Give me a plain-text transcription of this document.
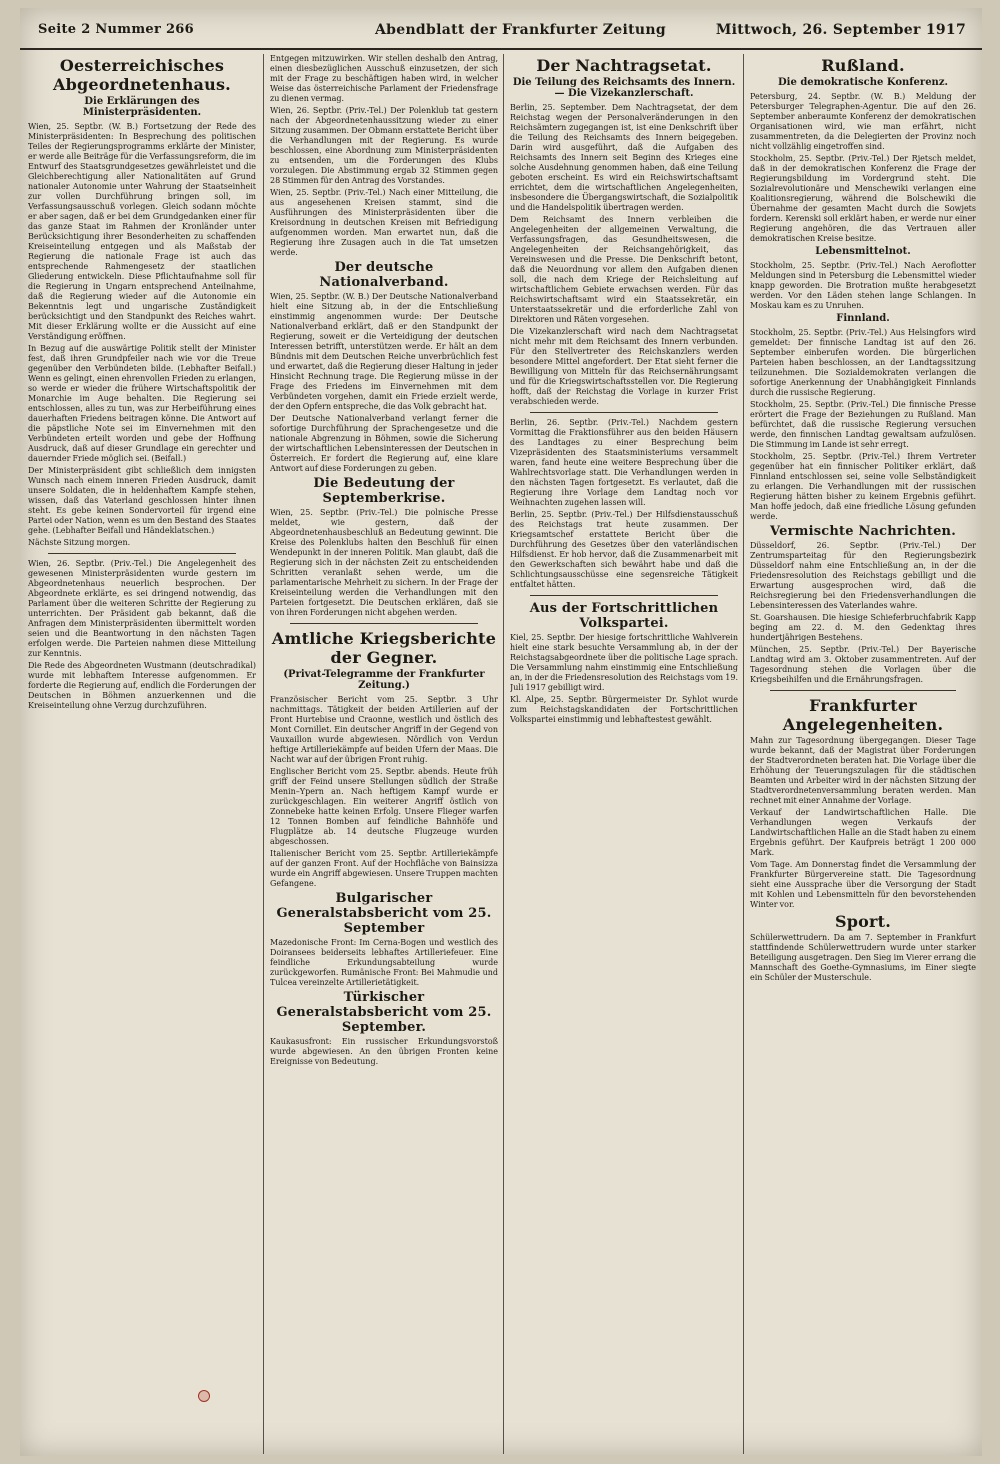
Seite 2 Nummer 266	Abendblatt der Frankfurter Zeitung	Mittwoch, 26. September 1917
Oesterreichisches Abgeordnetenhaus.
Die Erklärungen des Ministerpräsidenten.

Wien, 25. Septbr. (W. B.) Fortsetzung der Rede des Ministerpräsidenten: In Besprechung des politischen Teiles der Regierungsprogramms erklärte der Minister, er werde alle Beiträge für die Verfassungsreform, die im Entwurf des Staatsgrundgesetzes gewährleistet und die Gleichberechtigung aller Nationalitäten auf Grund nationaler Autonomie unter Wahrung der Staatseinheit zur vollen Durchführung bringen soll, im Verfassungsausschuß vorlegen. Gleich sodann möchte er aber sagen, daß er bei dem Grundgedanken einer für das ganze Staat im Rahmen der Kronländer unter Berücksichtigung ihrer Besonderheiten zu schaffenden Kreiseinteilung entgegen und als Maßstab der Regierung die nationale Frage ist auch das entsprechende Rahmengesetz der staatlichen Gliederung entwickeln. Diese Pflichtaufnahme soll für die Regierung in Ungarn entsprechend Anteilnahme, daß die Regierung wieder auf die Autonomie ein Bekenntnis legt und ungarische Zuständigkeit berücksichtigt und den Standpunkt des Reiches wahrt. Mit dieser Erklärung wollte er die Aussicht auf eine Verständigung eröffnen.

In Bezug auf die auswärtige Politik stellt der Minister fest, daß ihren Grundpfeiler nach wie vor die Treue gegenüber den Verbündeten bilde. (Lebhafter Beifall.) Wenn es gelingt, einen ehrenvollen Frieden zu erlangen, so werde er wieder die frühere Wirtschaftspolitik der Monarchie im Auge behalten. Die Regierung sei entschlossen, alles zu tun, was zur Herbeiführung eines dauerhaften Friedens beitragen könne. Die Antwort auf die päpstliche Note sei im Einvernehmen mit den Verbündeten erteilt worden und gebe der Hoffnung Ausdruck, daß auf dieser Grundlage ein gerechter und dauernder Friede möglich sei. (Beifall.)

Der Ministerpräsident gibt schließlich dem innigsten Wunsch nach einem inneren Frieden Ausdruck, damit unsere Soldaten, die in heldenhaftem Kampfe stehen, wissen, daß das Vaterland geschlossen hinter ihnen steht. Es gebe keinen Sondervorteil für irgend eine Partei oder Nation, wenn es um den Bestand des Staates gehe. (Lebhafter Beifall und Händeklatschen.)

Nächste Sitzung morgen.

Wien, 26. Septbr. (Priv.-Tel.) Die Angelegenheit des gewesenen Ministerpräsidenten wurde gestern im Abgeordnetenhaus neuerlich besprochen. Der Abgeordnete erklärte, es sei dringend notwendig, das Parlament über die weiteren Schritte der Regierung zu unterrichten. Der Präsident gab bekannt, daß die Anfragen dem Ministerpräsidenten übermittelt worden seien und die Beantwortung in den nächsten Tagen erfolgen werde. Die Parteien nahmen diese Mitteilung zur Kenntnis.

Die Rede des Abgeordneten Wustmann (deutschradikal) wurde mit lebhaftem Interesse aufgenommen. Er forderte die Regierung auf, endlich die Forderungen der Deutschen in Böhmen anzuerkennen und die Kreiseinteilung ohne Verzug durchzuführen.

Entgegen mitzuwirken. Wir stellen deshalb den Antrag, einen diesbezüglichen Ausschuß einzusetzen, der sich mit der Frage zu beschäftigen haben wird, in welcher Weise das österreichische Parlament der Friedensfrage zu dienen vermag.

Wien, 26. Septbr. (Priv.-Tel.) Der Polenklub tat gestern nach der Abgeordnetenhaussitzung wieder zu einer Sitzung zusammen. Der Obmann erstattete Bericht über die Verhandlungen mit der Regierung. Es wurde beschlossen, eine Abordnung zum Ministerpräsidenten zu entsenden, um die Forderungen des Klubs vorzulegen. Die Abstimmung ergab 32 Stimmen gegen 28 Stimmen für den Antrag des Vorstandes.

Wien, 25. Septbr. (Priv.-Tel.) Nach einer Mitteilung, die aus angesehenen Kreisen stammt, sind die Ausführungen des Ministerpräsidenten über die Kreisordnung in deutschen Kreisen mit Befriedigung aufgenommen worden. Man erwartet nun, daß die Regierung ihre Zusagen auch in die Tat umsetzen werde.

Der deutsche Nationalverband.

Wien, 25. Septbr. (W. B.) Der Deutsche Nationalverband hielt eine Sitzung ab, in der die Entschließung einstimmig angenommen wurde: Der Deutsche Nationalverband erklärt, daß er den Standpunkt der Regierung, soweit er die Verteidigung der deutschen Interessen betrifft, unterstützen werde. Er hält an dem Bündnis mit dem Deutschen Reiche unverbrüchlich fest und erwartet, daß die Regierung dieser Haltung in jeder Hinsicht Rechnung trage. Die Regierung müsse in der Frage des Friedens im Einvernehmen mit dem Verbündeten vorgehen, damit ein Friede erzielt werde, der den Opfern entspreche, die das Volk gebracht hat.

Der Deutsche Nationalverband verlangt ferner die sofortige Durchführung der Sprachengesetze und die nationale Abgrenzung in Böhmen, sowie die Sicherung der wirtschaftlichen Lebensinteressen der Deutschen in Österreich. Er fordert die Regierung auf, eine klare Antwort auf diese Forderungen zu geben.

Die Bedeutung der Septemberkrise.

Wien, 25. Septbr. (Priv.-Tel.) Die polnische Presse meldet, wie gestern, daß der Abgeordnetenhausbeschluß an Bedeutung gewinnt. Die Kreise des Polenklubs halten den Beschluß für einen Wendepunkt in der inneren Politik. Man glaubt, daß die Regierung sich in der nächsten Zeit zu entscheidenden Schritten veranlaßt sehen werde, um die parlamentarische Mehrheit zu sichern. In der Frage der Kreiseinteilung werden die Verhandlungen mit den Parteien fortgesetzt. Die Deutschen erklären, daß sie von ihren Forderungen nicht abgehen werden.

Amtliche Kriegsberichte der Gegner.
(Privat-Telegramme der Frankfurter Zeitung.)

Französischer Bericht vom 25. Septbr. 3 Uhr nachmittags. Tätigkeit der beiden Artillerien auf der Front Hurtebise und Craonne, westlich und östlich des Mont Cornillet. Ein deutscher Angriff in der Gegend von Vauxaillon wurde abgewiesen. Nördlich von Verdun heftige Artilleriekämpfe auf beiden Ufern der Maas. Die Nacht war auf der übrigen Front ruhig.

Englischer Bericht vom 25. Septbr. abends. Heute früh griff der Feind unsere Stellungen südlich der Straße Menin–Ypern an. Nach heftigem Kampf wurde er zurückgeschlagen. Ein weiterer Angriff östlich von Zonnebeke hatte keinen Erfolg. Unsere Flieger warfen 12 Tonnen Bomben auf feindliche Bahnhöfe und Flugplätze ab. 14 deutsche Flugzeuge wurden abgeschossen.

Italienischer Bericht vom 25. Septbr. Artilleriekämpfe auf der ganzen Front. Auf der Hochfläche von Bainsizza wurde ein Angriff abgewiesen. Unsere Truppen machten Gefangene.

Bulgarischer Generalstabsbericht vom 25. September

Mazedonische Front: Im Cerna-Bogen und westlich des Doiransees beiderseits lebhaftes Artilleriefeuer. Eine feindliche Erkundungsabteilung wurde zurückgeworfen. Rumänische Front: Bei Mahmudie und Tulcea vereinzelte Artillerietätigkeit.

Türkischer Generalstabsbericht vom 25. September.

Kaukasusfront: Ein russischer Erkundungsvorstoß wurde abgewiesen. An den übrigen Fronten keine Ereignisse von Bedeutung.

Der Nachtragsetat.
Die Teilung des Reichsamts des Innern. — Die Vizekanzlerschaft.

Berlin, 25. September. Dem Nachtragsetat, der dem Reichstag wegen der Personalveränderungen in den Reichsämtern zugegangen ist, ist eine Denkschrift über die Teilung des Reichsamts des Innern beigegeben. Darin wird ausgeführt, daß die Aufgaben des Reichsamts des Innern seit Beginn des Krieges eine solche Ausdehnung genommen haben, daß eine Teilung geboten erscheint. Es wird ein Reichswirtschaftsamt errichtet, dem die wirtschaftlichen Angelegenheiten, insbesondere die Übergangswirtschaft, die Sozialpolitik und die Handelspolitik übertragen werden.

Dem Reichsamt des Innern verbleiben die Angelegenheiten der allgemeinen Verwaltung, die Verfassungsfragen, das Gesundheitswesen, die Angelegenheiten der Reichsangehörigkeit, das Vereinswesen und die Presse. Die Denkschrift betont, daß die Neuordnung vor allem den Aufgaben dienen soll, die nach dem Kriege der Reichsleitung auf wirtschaftlichem Gebiete erwachsen werden. Für das Reichswirtschaftsamt wird ein Staatssekretär, ein Unterstaatssekretär und die erforderliche Zahl von Direktoren und Räten vorgesehen.

Die Vizekanzlerschaft wird nach dem Nachtragsetat nicht mehr mit dem Reichsamt des Innern verbunden. Für den Stellvertreter des Reichskanzlers werden besondere Mittel angefordert. Der Etat sieht ferner die Bewilligung von Mitteln für das Reichsernährungsamt und für die Kriegswirtschaftsstellen vor. Die Regierung hofft, daß der Reichstag die Vorlage in kurzer Frist verabschieden werde.

Berlin, 26. Septbr. (Priv.-Tel.) Nachdem gestern Vormittag die Fraktionsführer aus den beiden Häusern des Landtages zu einer Besprechung beim Vizepräsidenten des Staatsministeriums versammelt waren, fand heute eine weitere Besprechung über die Wahlrechtsvorlage statt. Die Verhandlungen werden in den nächsten Tagen fortgesetzt. Es verlautet, daß die Regierung ihre Vorlage dem Landtag noch vor Weihnachten zugehen lassen will.

Berlin, 25. Septbr. (Priv.-Tel.) Der Hilfsdienstausschuß des Reichstags trat heute zusammen. Der Kriegsamtschef erstattete Bericht über die Durchführung des Gesetzes über den vaterländischen Hilfsdienst. Er hob hervor, daß die Zusammenarbeit mit den Gewerkschaften sich bewährt habe und daß die Schlichtungsausschüsse eine segensreiche Tätigkeit entfaltet hätten.

Aus der Fortschrittlichen Volkspartei.

Kiel, 25. Septbr. Der hiesige fortschrittliche Wahlverein hielt eine stark besuchte Versammlung ab, in der der Reichstagsabgeordnete über die politische Lage sprach. Die Versammlung nahm einstimmig eine Entschließung an, in der die Friedensresolution des Reichstags vom 19. Juli 1917 gebilligt wird.

Kl. Alpe, 25. Septbr. Bürgermeister Dr. Syhlot wurde zum Reichstagskandidaten der Fortschrittlichen Volkspartei einstimmig und lebhaftestest gewählt.

Rußland.
Die demokratische Konferenz.

Petersburg, 24. Septbr. (W. B.) Meldung der Petersburger Telegraphen-Agentur. Die auf den 26. September anberaumte Konferenz der demokratischen Organisationen wird, wie man erfährt, nicht zusammentreten, da die Delegierten der Provinz noch nicht vollzählig eingetroffen sind.

Stockholm, 25. Septbr. (Priv.-Tel.) Der Rjetsch meldet, daß in der demokratischen Konferenz die Frage der Regierungsbildung im Vordergrund steht. Die Sozialrevolutionäre und Menschewiki verlangen eine Koalitionsregierung, während die Bolschewiki die Übernahme der gesamten Macht durch die Sowjets fordern. Kerenski soll erklärt haben, er werde nur einer Regierung angehören, die das Vertrauen aller demokratischen Kreise besitze.

Lebensmittelnot.

Stockholm, 25. Septbr. (Priv.-Tel.) Nach Aeroflotter Meldungen sind in Petersburg die Lebensmittel wieder knapp geworden. Die Brotration mußte herabgesetzt werden. Vor den Läden stehen lange Schlangen. In Moskau kam es zu Unruhen.

Finnland.

Stockholm, 25. Septbr. (Priv.-Tel.) Aus Helsingfors wird gemeldet: Der finnische Landtag ist auf den 26. September einberufen worden. Die bürgerlichen Parteien haben beschlossen, an der Landtagssitzung teilzunehmen. Die Sozialdemokraten verlangen die sofortige Anerkennung der Unabhängigkeit Finnlands durch die russische Regierung.

Stockholm, 25. Septbr. (Priv.-Tel.) Die finnische Presse erörtert die Frage der Beziehungen zu Rußland. Man befürchtet, daß die russische Regierung versuchen werde, den finnischen Landtag gewaltsam aufzulösen. Die Stimmung im Lande ist sehr erregt.

Stockholm, 25. Septbr. (Priv.-Tel.) Ihrem Vertreter gegenüber hat ein finnischer Politiker erklärt, daß Finnland entschlossen sei, seine volle Selbständigkeit zu erlangen. Die Verhandlungen mit der russischen Regierung hätten bisher zu keinem Ergebnis geführt. Man hoffe jedoch, daß eine friedliche Lösung gefunden werde.

Vermischte Nachrichten.

Düsseldorf, 26. Septbr. (Priv.-Tel.) Der Zentrumsparteitag für den Regierungsbezirk Düsseldorf nahm eine Entschließung an, in der die Friedensresolution des Reichstags gebilligt und die Erwartung ausgesprochen wird, daß die Reichsregierung bei den Friedensverhandlungen die Lebensinteressen des Vaterlandes wahre.

St. Goarshausen. Die hiesige Schieferbruchfabrik Kapp beging am 22. d. M. den Gedenktag ihres hundertjährigen Bestehens.

München, 25. Septbr. (Priv.-Tel.) Der Bayerische Landtag wird am 3. Oktober zusammentreten. Auf der Tagesordnung stehen die Vorlagen über die Kriegsbeihilfen und die Ernährungsfragen.

Frankfurter Angelegenheiten.

Mahn zur Tagesordnung übergegangen. Dieser Tage wurde bekannt, daß der Magistrat über Forderungen der Stadtverordneten beraten hat. Die Vorlage über die Erhöhung der Teuerungszulagen für die städtischen Beamten und Arbeiter wird in der nächsten Sitzung der Stadtverordnetenversammlung beraten werden. Man rechnet mit einer Annahme der Vorlage.

Verkauf der Landwirtschaftlichen Halle. Die Verhandlungen wegen Verkaufs der Landwirtschaftlichen Halle an die Stadt haben zu einem Ergebnis geführt. Der Kaufpreis beträgt 1 200 000 Mark.

Vom Tage. Am Donnerstag findet die Versammlung der Frankfurter Bürgervereine statt. Die Tagesordnung sieht eine Aussprache über die Versorgung der Stadt mit Kohlen und Lebensmitteln für den bevorstehenden Winter vor.

Sport.

Schülerwettrudern. Da am 7. September in Frankfurt stattfindende Schülerwettrudern wurde unter starker Beteiligung ausgetragen. Den Sieg im Vierer errang die Mannschaft des Goethe-Gymnasiums, im Einer siegte ein Schüler der Musterschule.
